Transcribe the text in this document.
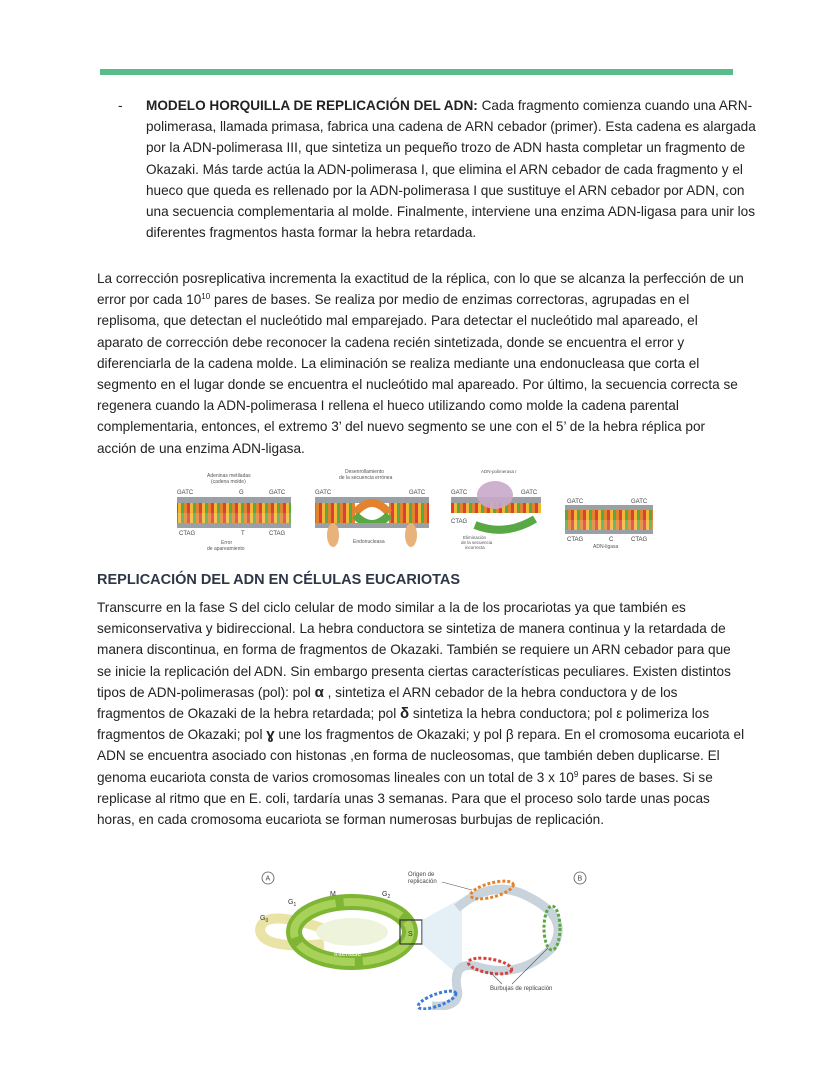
- MODELO HORQUILLA DE REPLICACIÓN DEL ADN: Cada fragmento comienza cuando una ARN-polimerasa, llamada primasa, fabrica una cadena de ARN cebador (primer). Esta cadena es alargada por la ADN-polimerasa III, que sintetiza un pequeño trozo de ADN hasta completar un fragmento de Okazaki. Más tarde actúa la ADN-polimerasa I, que elimina el ARN cebador de cada fragmento y el hueco que queda es rellenado por la ADN-polimerasa I que sustituye el ARN cebador por ADN, con una secuencia complementaria al molde. Finalmente, interviene una enzima ADN-ligasa para unir los diferentes fragmentos hasta formar la hebra retardada.
La corrección posreplicativa incrementa la exactitud de la réplica, con lo que se alcanza la perfección de un error por cada $10^{10}$ pares de bases. Se realiza por medio de enzimas correctoras, agrupadas en el replisoma, que detectan el nucleótido mal emparejado. Para detectar el nucleótido mal apareado, el aparato de corrección debe reconocer la cadena recién sintetizada, donde se encuentra el error y diferenciarla de la cadena molde. La eliminación se realiza mediante una endonucleasa que corta el segmento en el lugar donde se encuentra el nucleótido mal apareado. Por último, la secuencia correcta se regenera cuando la ADN-polimerasa I rellena el hueco utilizando como molde la cadena parental complementaria, entonces, el extremo 3’ del nuevo segmento se une con el 5’ de la hebra réplica por acción de una enzima ADN-ligasa.
Adeninas metiladas
(cadena molde)
GATC	GATC
CTAG	CTAG
G
T
Error
de apareamiento
Desenrollamiento
de la secuencia errónea
GATC	GATC
Endonucleasa
ADN-polimerasa I
GATC	GATC
CTAG
Eliminación
de la secuencia
incorrecta
GATC	GATC
CTAG	CTAG
C
ADN-ligasa
REPLICACIÓN DEL ADN EN CÉLULAS EUCARIOTAS
Transcurre en la fase S del ciclo celular de modo similar a la de los procariotas ya que también es semiconservativa y bidireccional. La hebra conductora se sintetiza de manera continua y la retardada de manera discontinua, en forma de fragmentos de Okazaki. También se requiere un ARN cebador para que se inicie la replicación del ADN. Sin embargo presenta ciertas características peculiares. Existen distintos tipos de ADN-polimerasas (pol): pol α , sintetiza el ARN cebador de la hebra conductora y de los fragmentos de Okazaki de la hebra retardada; pol δ sintetiza la hebra conductora; pol ε polimeriza los fragmentos de Okazaki; pol ɣ une los fragmentos de Okazaki; y pol β repara. En el cromosoma eucariota el ADN se encuentra asociado con histonas ,en forma de nucleosomas, que también deben duplicarse. El genoma eucariota consta de varios cromosomas lineales con un total de 3 x $10^9$ pares de bases. Si se replicase al ritmo que en E. coli, tardaría unas 3 semanas. Para que el proceso solo tarde unas pocas horas, en cada cromosoma eucariota se forman numerosas burbujas de replicación.
A
M
$G_1$
$G_2$
$G_0$
S
Interfase
B
Origen de
replicación
Burbujas de replicación
